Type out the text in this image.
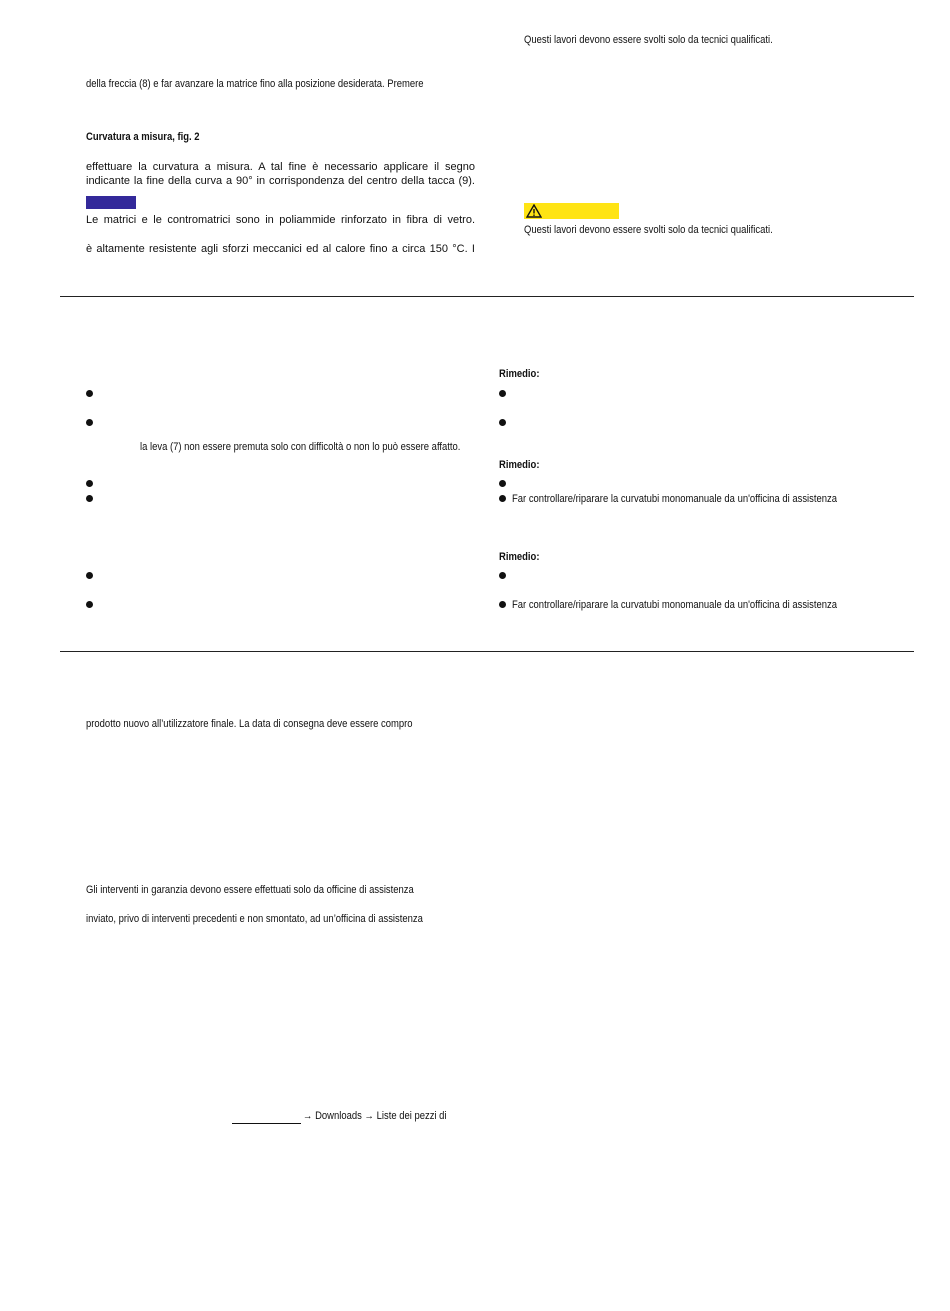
Questi lavori devono essere svolti solo da tecnici qualificati.
della freccia (8) e far avanzare la matrice fino alla posizione desiderata. Premere
Curvatura a misura, fig. 2
effettuare la curvatura a misura. A tal fine è necessario applicare il segno
indicante la fine della curva a 90° in corrispondenza del centro della tacca (9).
Le matrici e le contromatrici sono in poliammide rinforzato in fibra di vetro.
è altamente resistente agli sforzi meccanici ed al calore fino a circa 150 °C. I
Questi lavori devono essere svolti solo da tecnici qualificati.
Rimedio:
la leva (7) non essere premuta solo con difficoltà o non lo può essere affatto.
Rimedio:
Far controllare/riparare la curvatubi monomanuale da un'officina di assistenza
Rimedio:
Far controllare/riparare la curvatubi monomanuale da un'officina di assistenza
prodotto nuovo all’utilizzatore finale. La data di consegna deve essere compro
Gli interventi in garanzia devono essere effettuati solo da officine di assistenza
inviato, privo di interventi precedenti e non smontato, ad un’officina di assistenza
→ Downloads → Liste dei pezzi di
